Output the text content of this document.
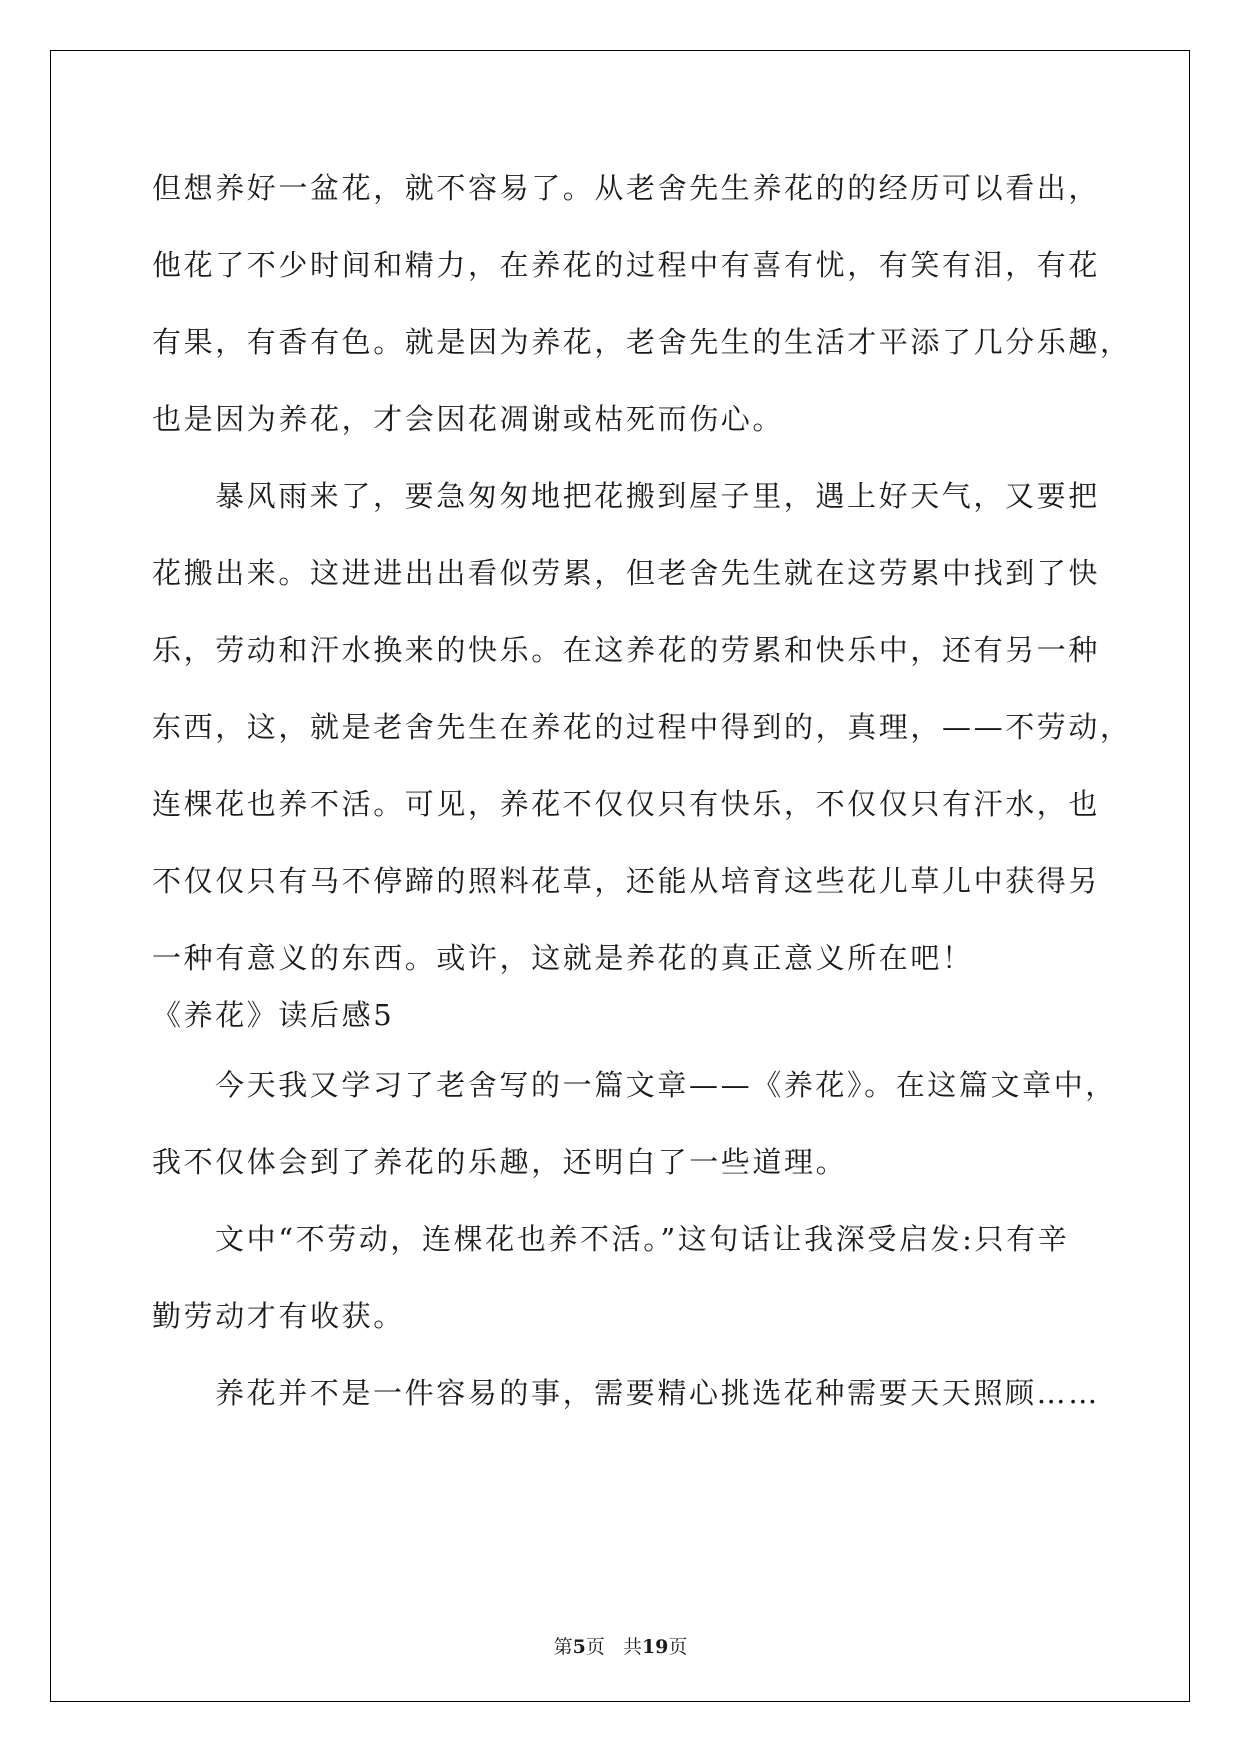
但想养好一盆花，就不容易了。从老舍先生养花的的经历可以看出，
他花了不少时间和精力，在养花的过程中有喜有忧，有笑有泪，有花
有果，有香有色。就是因为养花，老舍先生的生活才平添了几分乐趣，
也是因为养花，才会因花凋谢或枯死而伤心。
暴风雨来了，要急匆匆地把花搬到屋子里，遇上好天气，又要把
花搬出来。这进进出出看似劳累，但老舍先生就在这劳累中找到了快
乐，劳动和汗水换来的快乐。在这养花的劳累和快乐中，还有另一种
东西，这，就是老舍先生在养花的过程中得到的，真理，——不劳动，
连棵花也养不活。可见，养花不仅仅只有快乐，不仅仅只有汗水，也
不仅仅只有马不停蹄的照料花草，还能从培育这些花儿草儿中获得另
一种有意义的东西。或许，这就是养花的真正意义所在吧！
《养花》读后感5
今天我又学习了老舍写的一篇文章——《养花》。在这篇文章中，
我不仅体会到了养花的乐趣，还明白了一些道理。
文中“不劳动，连棵花也养不活。”这句话让我深受启发:只有辛
勤劳动才有收获。
养花并不是一件容易的事，需要精心挑选花种需要天天照顾……
第5页   共19页
